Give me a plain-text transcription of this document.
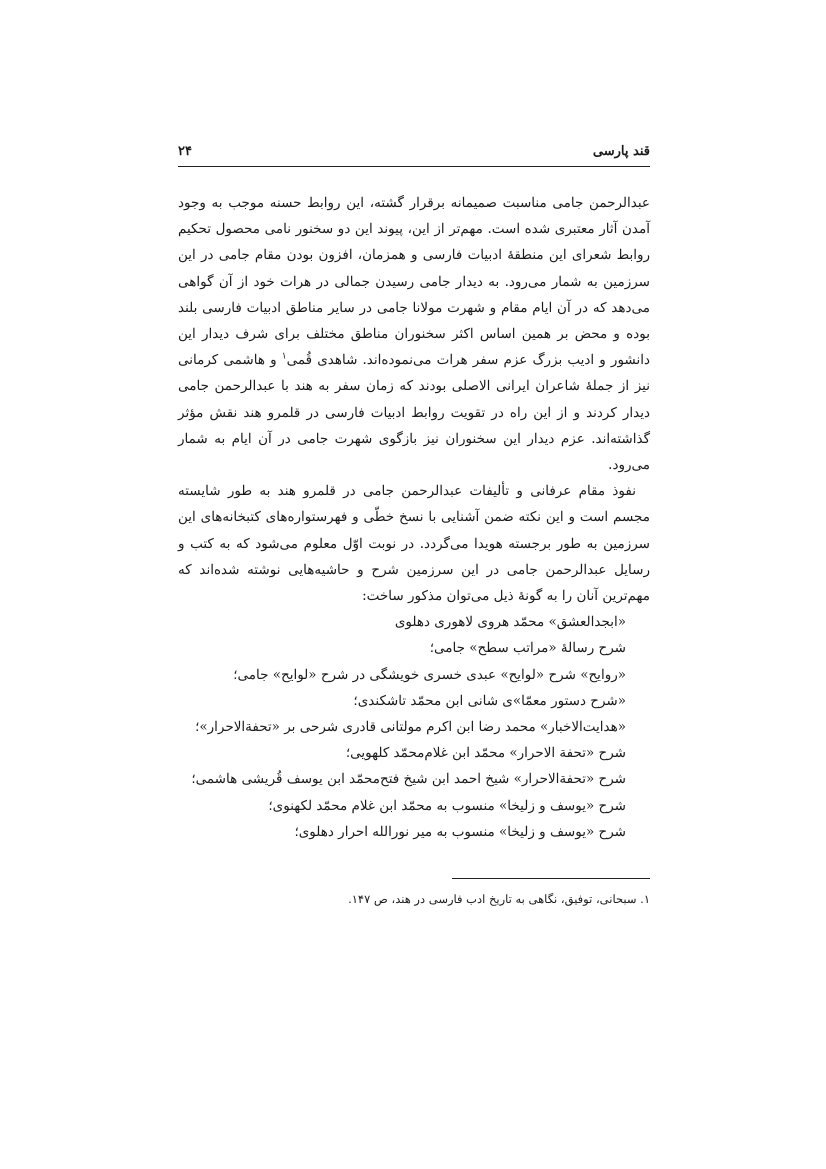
قند پارسی
۲۴

عبدالرحمن جامی مناسبت صمیمانه برقرار گشته، این روابط حسنه موجب به وجود آمدن آثار معتبری شده است. مهم‌تر از این، پیوند این دو سخنور نامی محصول تحکیم روابط شعرای این منطقهٔ ادبیات فارسی و همزمان، افزون بودن مقام جامی در این سرزمین به شمار می‌رود. به دیدار جامی رسیدن جمالی در هرات خود از آن گواهی می‌دهد که در آن ایام مقام و شهرت مولانا جامی در سایر مناطق ادبیات فارسی بلند بوده و محض بر همین اساس اکثر سخنوران مناطق مختلف برای شرف دیدار این دانشور و ادیب بزرگ عزم سفر هرات می‌نموده‌اند. شاهدی قُمی$^۱$ و هاشمی کرمانی نیز از جملهٔ شاعران ایرانی الاصلی بودند که زمان سفر به هند با عبدالرحمن جامی دیدار کردند و از این راه در تقویت روابط ادبیات فارسی در قلمرو هند نقش مؤثر گذاشته‌اند. عزم دیدار این سخنوران نیز بازگوی شهرت جامی در آن ایام به شمار می‌رود.

نفوذ مقام عرفانی و تألیفات عبدالرحمن جامی در قلمرو هند به طور شایسته مجسم است و این نکته ضمن آشنایی با نسخ خطّی و فهرستواره‌های کتبخانه‌های این سرزمین به طور برجسته هویدا می‌گردد. در نوبت اوّل معلوم می‌شود که به کتب و رسایل عبدالرحمن جامی در این سرزمین شرح و حاشیه‌هایی نوشته شده‌اند که مهم‌ترین آنان را به گونهٔ ذیل می‌توان مذکور ساخت:

«ابجدالعشق» محمّد هروی لاهوری دهلوی
شرح رسالهٔ «مراتب سطح» جامی؛
«روایح» شرح «لوایح» عبدی خسری خویشگی در شرح «لوایح» جامی؛
«شرح دستور معمّا»ی شانی ابن محمّد تاشکندی؛
«هدایت‌الاخبار» محمد رضا ابن اکرم مولتانی قادری شرحی بر «تحفة‌الاحرار»؛
شرح «تحفة الاحرار» محمّد ابن غلام‌محمّد کلهویی؛
شرح «تحفة‌الاحرار» شیخ احمد ابن شیخ فتح‌محمّد ابن یوسف قُریشی هاشمی؛
شرح «یوسف و زلیخا» منسوب به محمّد ابن غلام محمّد لکهنوی؛
شرح «یوسف و زلیخا» منسوب به میر نورالله احرار دهلوی؛
۱. سبحانی، توفیق، نگاهی به تاریخ ادب فارسی در هند، ص ۱۴۷.
